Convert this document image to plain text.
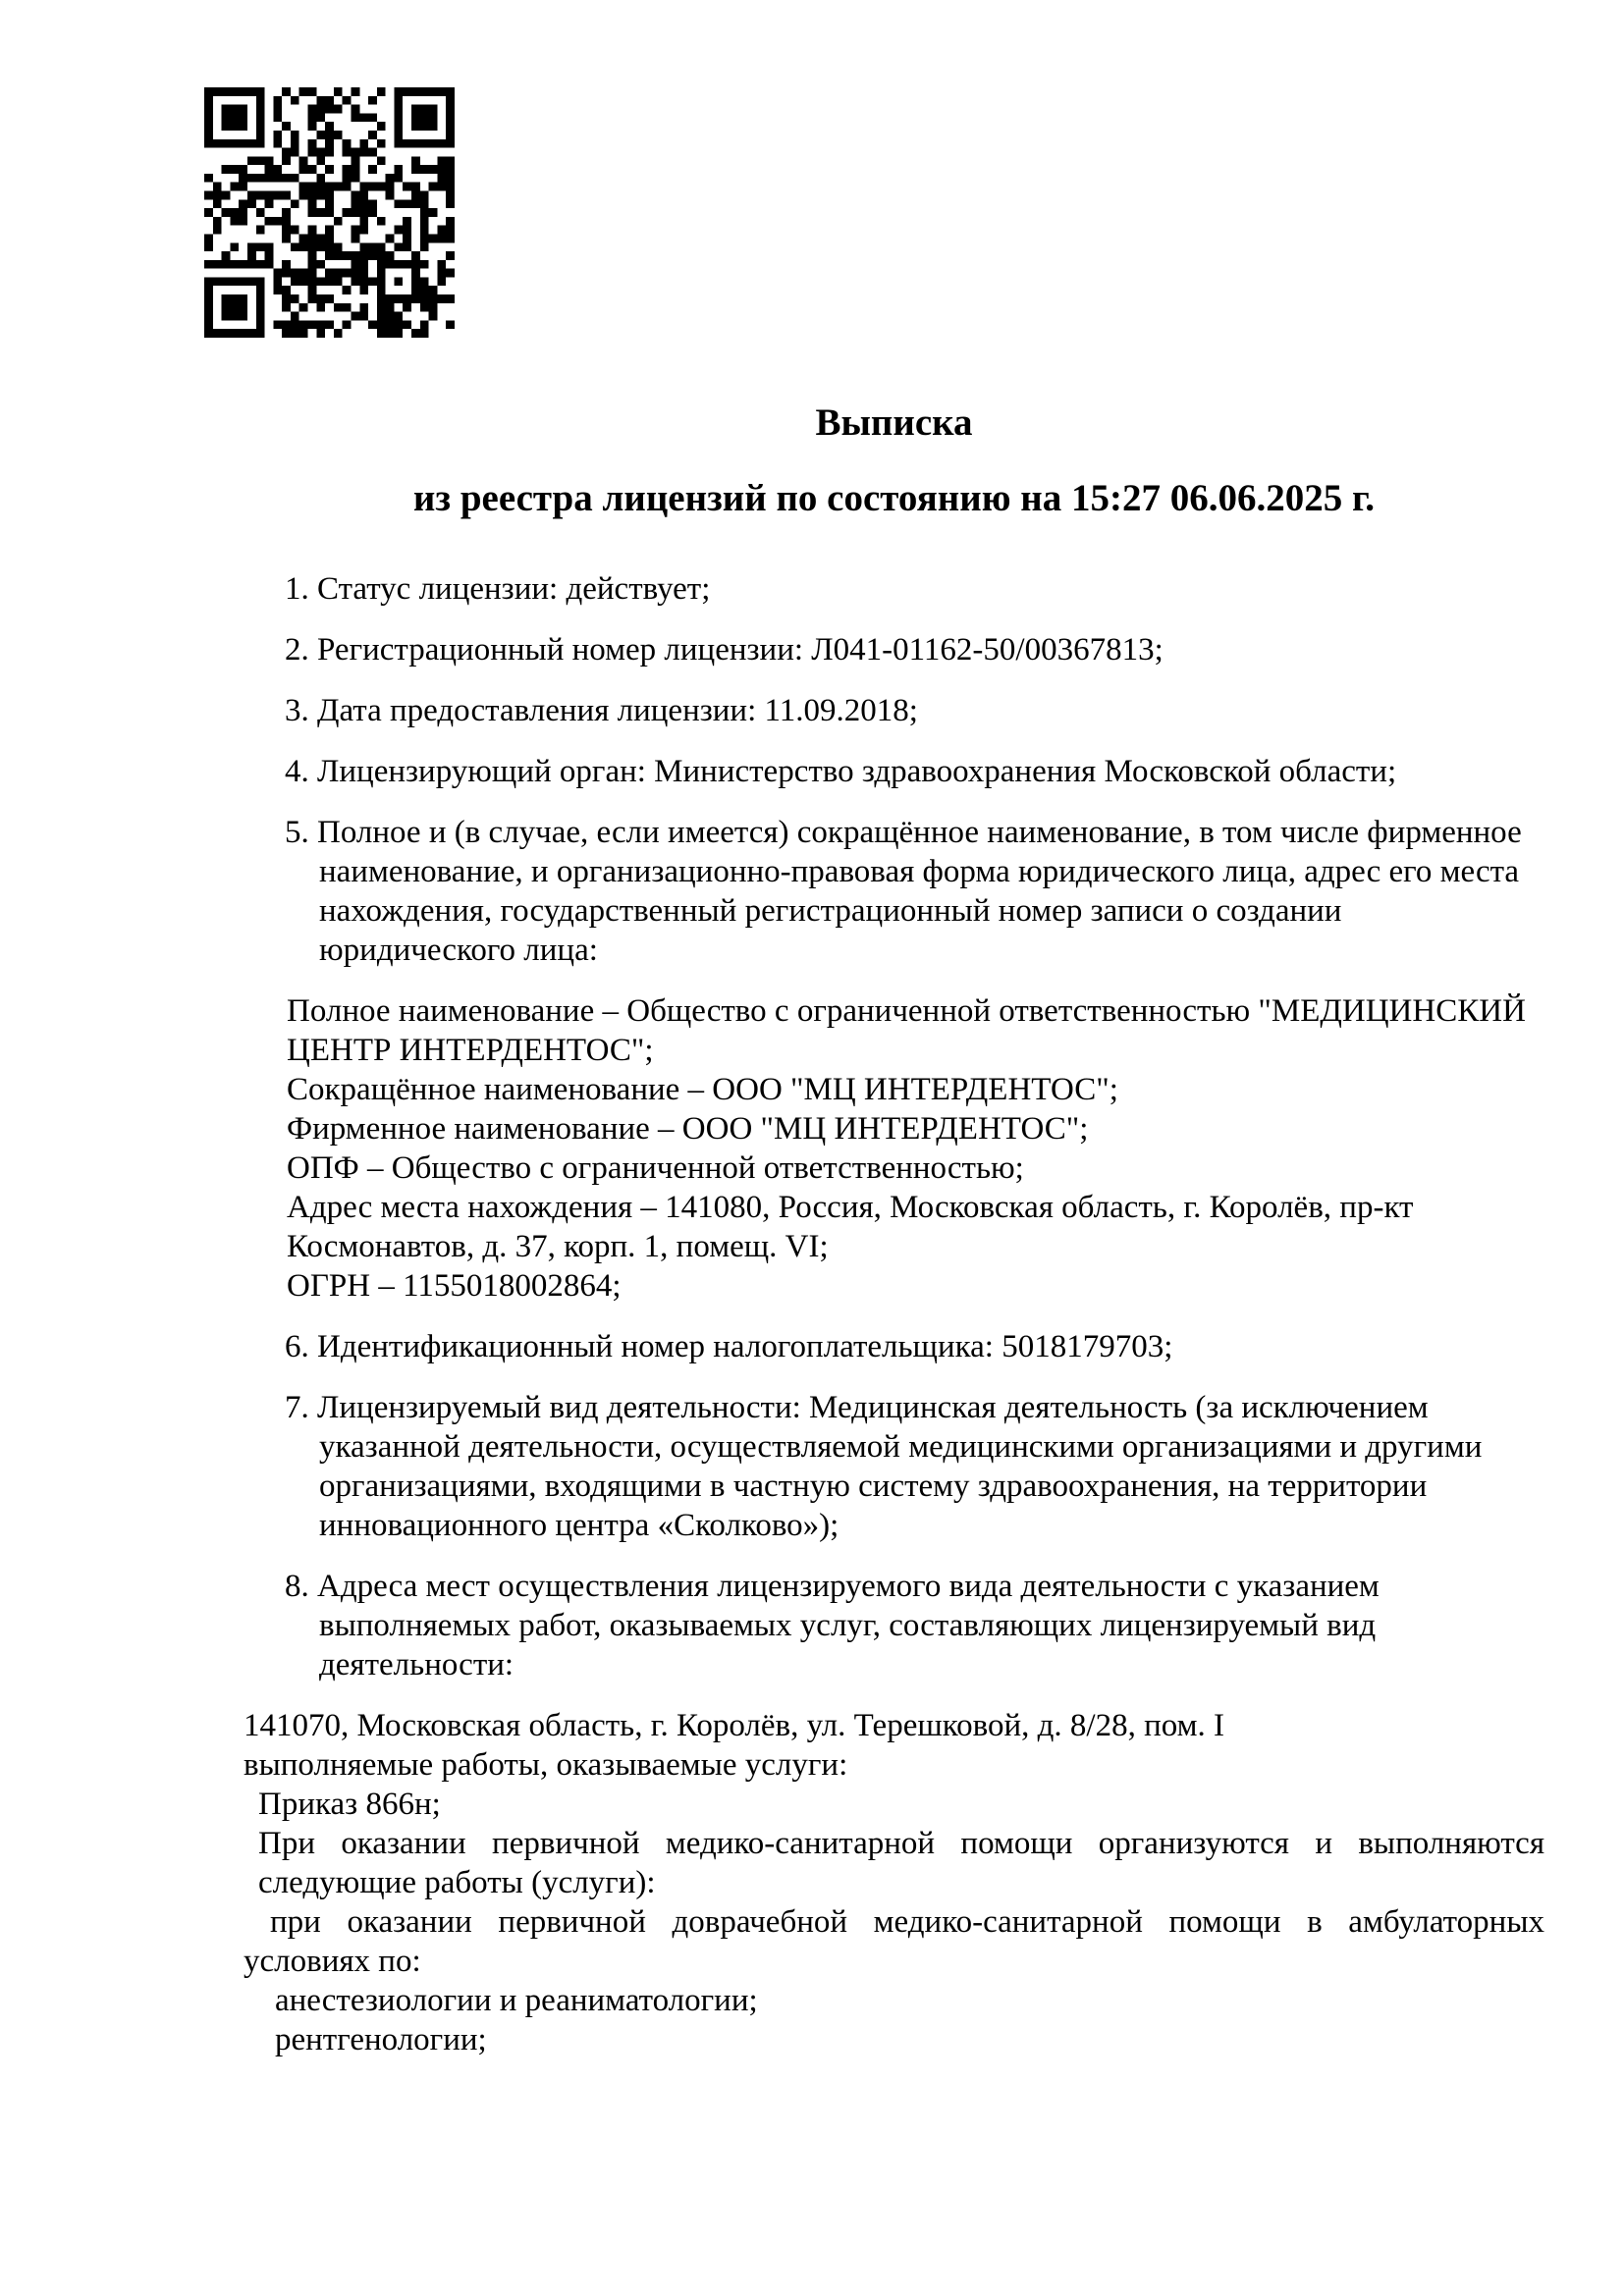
Выписка
из реестра лицензий по состоянию на 15:27 06.06.2025 г.
1. Статус лицензии: действует;
2. Регистрационный номер лицензии: Л041-01162-50/00367813;
3. Дата предоставления лицензии: 11.09.2018;
4. Лицензирующий орган: Министерство здравоохранения Московской области;
5. Полное и (в случае, если имеется) сокращённое наименование, в том числе фирменное
наименование, и организационно-правовая форма юридического лица, адрес его места
нахождения, государственный регистрационный номер записи о создании
юридического лица:
Полное наименование – Общество с ограниченной ответственностью "МЕДИЦИНСКИЙ
ЦЕНТР ИНТЕРДЕНТОС";
Сокращённое наименование – ООО "МЦ ИНТЕРДЕНТОС";
Фирменное наименование – ООО "МЦ ИНТЕРДЕНТОС";
ОПФ – Общество с ограниченной ответственностью;
Адрес места нахождения – 141080, Россия, Московская область, г. Королёв, пр-кт
Космонавтов, д. 37, корп. 1, помещ. VI;
ОГРН – 1155018002864;
6. Идентификационный номер налогоплательщика: 5018179703;
7. Лицензируемый вид деятельности: Медицинская деятельность (за исключением
указанной деятельности, осуществляемой медицинскими организациями и другими
организациями, входящими в частную систему здравоохранения, на территории
инновационного центра «Сколково»);
8. Адреса мест осуществления лицензируемого вида деятельности с указанием
выполняемых работ, оказываемых услуг, составляющих лицензируемый вид
деятельности:
141070, Московская область, г. Королёв, ул. Терешковой, д. 8/28, пом. I
выполняемые работы, оказываемые услуги:
Приказ 866н;
При оказании первичной медико-санитарной помощи организуются и выполняются
следующие работы (услуги):
при оказании первичной доврачебной медико-санитарной помощи в амбулаторных
условиях по:
анестезиологии и реаниматологии;
рентгенологии;
